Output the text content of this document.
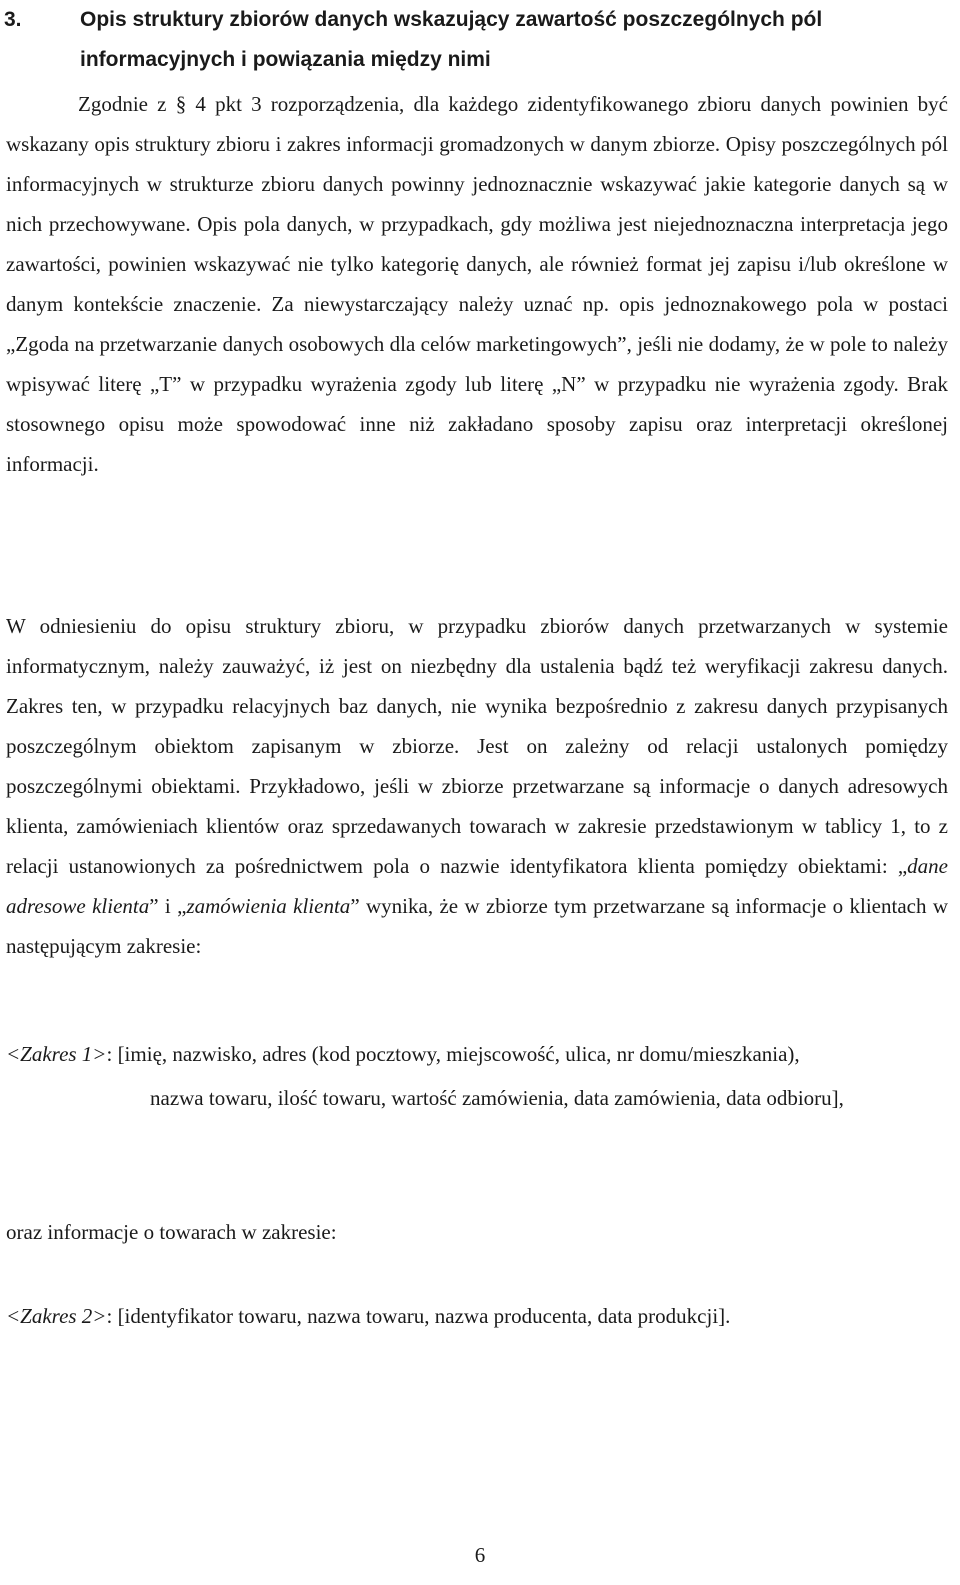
3.	Opis struktury zbiorów danych wskazujący zawartość poszczególnych pól informacyjnych i powiązania między nimi

Zgodnie z § 4 pkt 3 rozporządzenia, dla każdego zidentyfikowanego zbioru danych powinien być wskazany opis struktury zbioru i zakres informacji gromadzonych w danym zbiorze. Opisy poszczególnych pól informacyjnych w strukturze zbioru danych powinny jednoznacznie wskazywać jakie kategorie danych są w nich przechowywane. Opis pola danych, w przypadkach, gdy możliwa jest niejednoznaczna interpretacja jego zawartości, powinien wskazywać nie tylko kategorię danych, ale również format jej zapisu i/lub określone w danym kontekście znaczenie. Za niewystarczający należy uznać np. opis jednoznakowego pola w postaci „Zgoda na przetwarzanie danych osobowych dla celów marketingowych”, jeśli nie dodamy, że w pole to należy wpisywać literę „T” w przypadku wyrażenia zgody lub literę „N” w przypadku nie wyrażenia zgody. Brak stosownego opisu może spowodować inne niż zakładano sposoby zapisu oraz interpretacji określonej informacji.

W odniesieniu do opisu struktury zbioru, w przypadku zbiorów danych przetwarzanych w systemie informatycznym, należy zauważyć, iż jest on niezbędny dla ustalenia bądź też weryfikacji zakresu danych. Zakres ten, w przypadku relacyjnych baz danych, nie wynika bezpośrednio z zakresu danych przypisanych poszczególnym obiektom zapisanym w zbiorze. Jest on zależny od relacji ustalonych pomiędzy poszczególnymi obiektami. Przykładowo, jeśli w zbiorze przetwarzane są informacje o danych adresowych klienta, zamówieniach klientów oraz sprzedawanych towarach w zakresie przedstawionym w tablicy 1, to z relacji ustanowionych za pośrednictwem pola o nazwie identyfikatora klienta pomiędzy obiektami: „dane adresowe klienta” i „zamówienia klienta” wynika, że w zbiorze tym przetwarzane są informacje o klientach w następującym zakresie:

<Zakres 1>: [imię, nazwisko, adres (kod pocztowy, miejscowość, ulica, nr domu/mieszkania),
nazwa towaru, ilość towaru, wartość zamówienia, data zamówienia, data odbioru],

oraz informacje o towarach w zakresie:

<Zakres 2>: [identyfikator towaru, nazwa towaru, nazwa producenta, data produkcji].

6
